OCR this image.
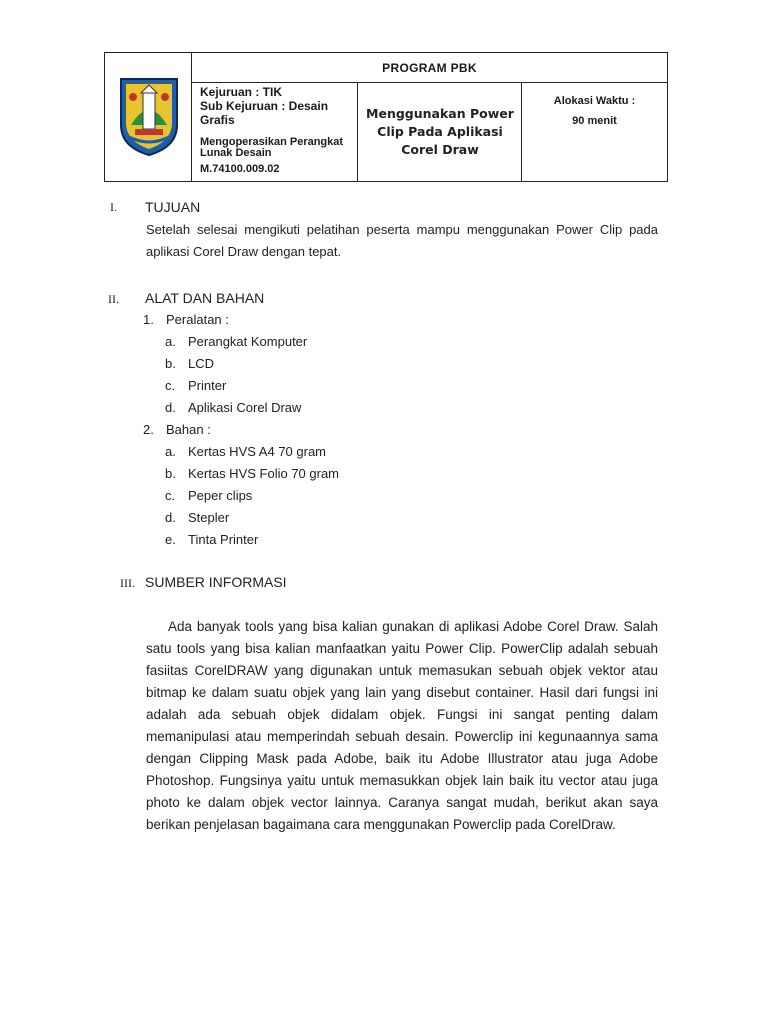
PROGRAM PBK
Kejuruan : TIK
Sub Kejuruan : Desain Grafis
Mengoperasikan Perangkat Lunak Desain
M.74100.009.02
Menggunakan Power Clip Pada Aplikasi Corel Draw
Alokasi Waktu :
90 menit
I. TUJUAN
Setelah selesai mengikuti pelatihan peserta mampu menggunakan Power Clip pada aplikasi Corel Draw dengan tepat.
II. ALAT DAN BAHAN
1. Peralatan :
a. Perangkat Komputer
b. LCD
c. Printer
d. Aplikasi Corel Draw
2. Bahan :
a. Kertas HVS A4 70 gram
b. Kertas HVS Folio 70 gram
c. Peper clips
d. Stepler
e. Tinta Printer
III. SUMBER INFORMASI
Ada banyak tools yang bisa kalian gunakan di aplikasi Adobe Corel Draw. Salah satu tools yang bisa kalian manfaatkan yaitu Power Clip. PowerClip adalah sebuah fasiitas CorelDRAW yang digunakan untuk memasukan sebuah objek vektor atau bitmap ke dalam suatu objek yang lain yang disebut container. Hasil dari fungsi ini adalah ada sebuah objek didalam objek. Fungsi ini sangat penting dalam memanipulasi atau memperindah sebuah desain. Powerclip ini kegunaannya sama dengan Clipping Mask pada Adobe, baik itu Adobe Illustrator atau juga Adobe Photoshop. Fungsinya yaitu untuk memasukkan objek lain baik itu vector atau juga photo ke dalam objek vector lainnya. Caranya sangat mudah, berikut akan saya berikan penjelasan bagaimana cara menggunakan Powerclip pada CorelDraw.
